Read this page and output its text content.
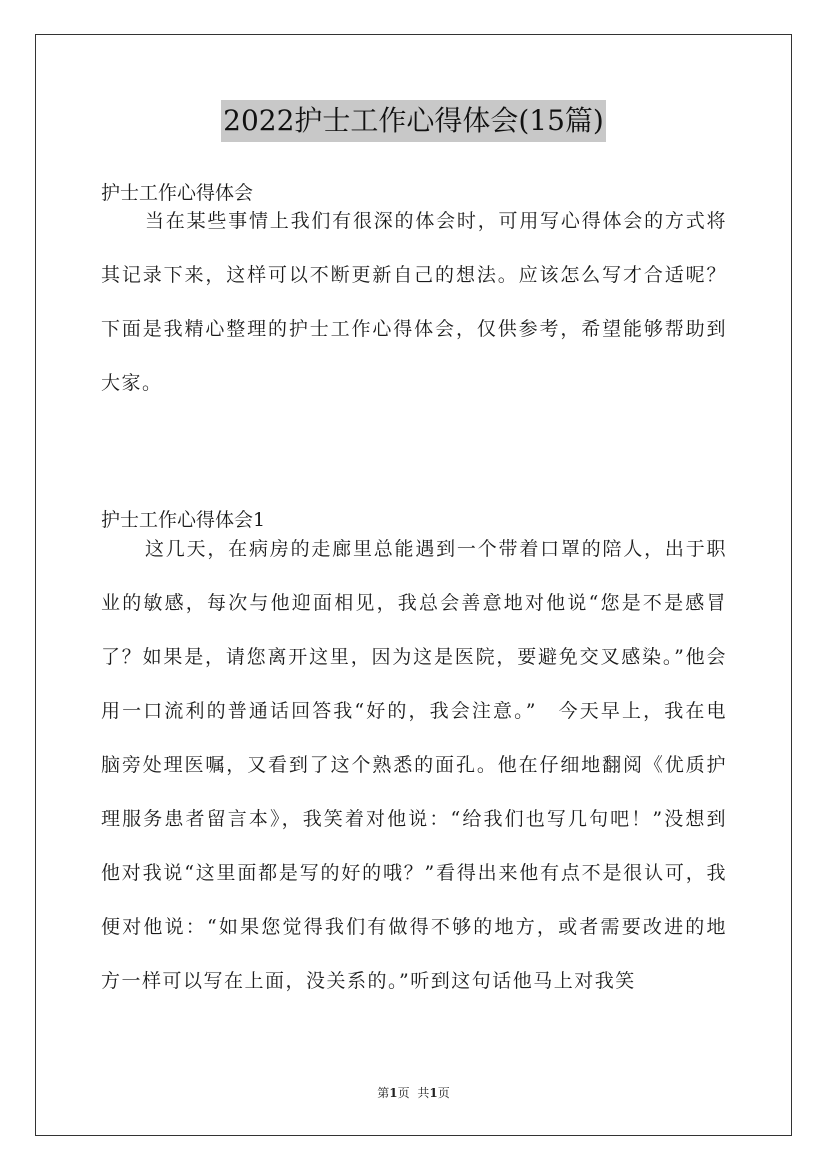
2022护士工作心得体会(15篇)
护士工作心得体会
当在某些事情上我们有很深的体会时，可用写心得体会的方式将其记录下来，这样可以不断更新自己的想法。应该怎么写才合适呢？下面是我精心整理的护士工作心得体会，仅供参考，希望能够帮助到大家。
护士工作心得体会1
这几天，在病房的走廊里总能遇到一个带着口罩的陪人，出于职业的敏感，每次与他迎面相见，我总会善意地对他说“您是不是感冒了？如果是，请您离开这里，因为这是医院，要避免交叉感染。”他会用一口流利的普通话回答我“好的，我会注意。”　今天早上，我在电脑旁处理医嘱，又看到了这个熟悉的面孔。他在仔细地翻阅《优质护理服务患者留言本》，我笑着对他说：“给我们也写几句吧！”没想到他对我说“这里面都是写的好的哦？”看得出来他有点不是很认可，我便对他说：“如果您觉得我们有做得不够的地方，或者需要改进的地方一样可以写在上面，没关系的。”听到这句话他马上对我笑
第1页 共1页
